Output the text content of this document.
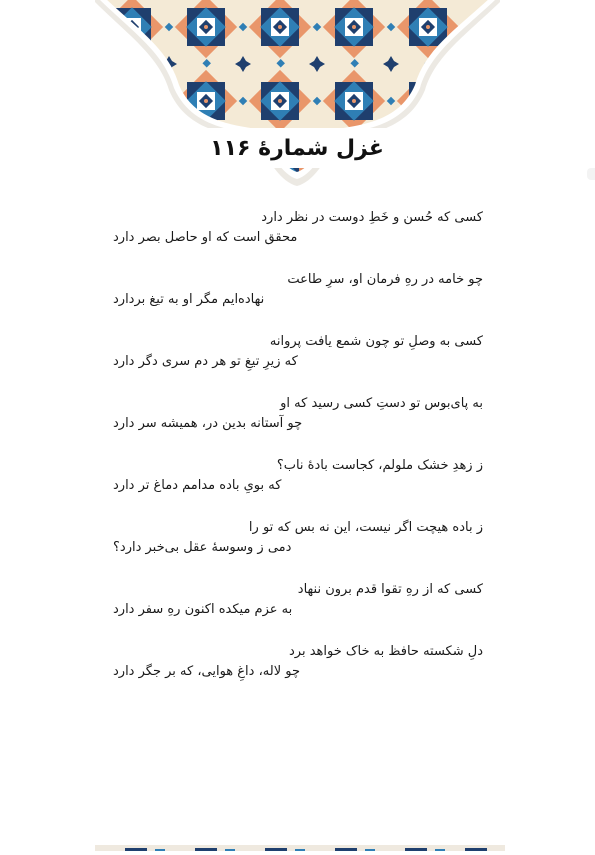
غزل شمارهٔ ۱۱۶
کسی که حُسن و خَطِ دوست در نظر دارد
محقق است که او حاصل بصر دارد
چو خامه در رهِ فرمان او، سرِ طاعت
نهاده‌ایم مگر او به تیغ بردارد
کسی به وصلِ تو چون شمع یافت پروانه
که زیرِ تیغِ تو هر دم سری دگر دارد
به پای‌بوس تو دستِ کسی رسید که او
چو آستانه بدین در، همیشه سر دارد
ز زهدِ خشک ملولم، کجاست بادهٔ ناب؟
که بویِ باده مدامم دماغ تر دارد
ز باده هیچت اگر نیست، این نه بس که تو را
دمی ز وسوسهٔ عقل بی‌خبر دارد؟
کسی که از رهِ تقوا قدم برون ننهاد
به عزم میکده اکنون رهِ سفر دارد
دلِ شکسته حافظ به خاک خواهد برد
چو لاله، داغِ هوایی، که بر جگر دارد
